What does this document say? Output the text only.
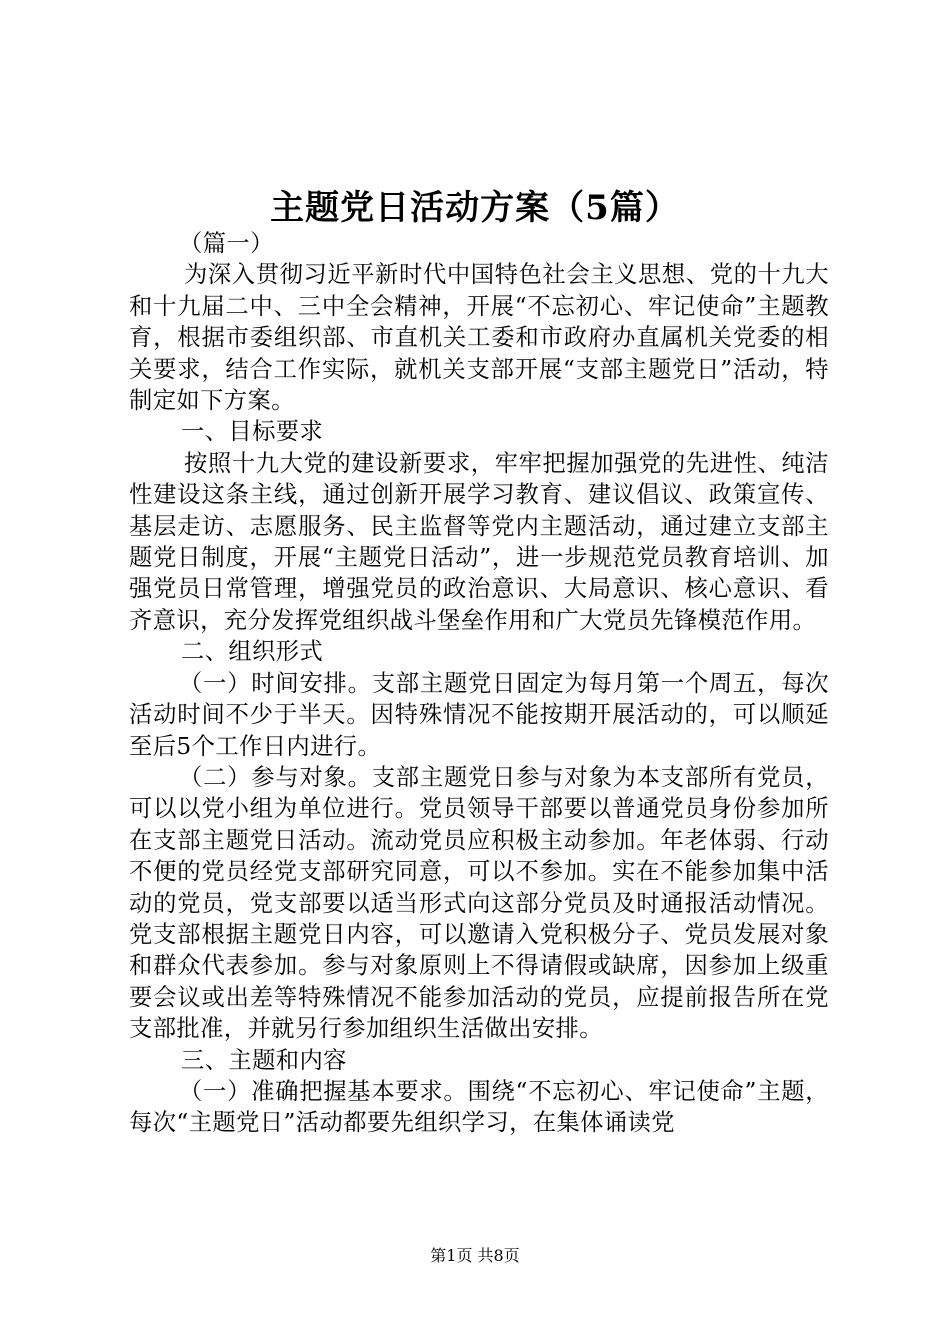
主题党日活动方案（5篇）

（篇一）

为深入贯彻习近平新时代中国特色社会主义思想、党的十九大和十九届二中、三中全会精神，开展“不忘初心、牢记使命”主题教育，根据市委组织部、市直机关工委和市政府办直属机关党委的相关要求，结合工作实际，就机关支部开展“支部主题党日”活动，特制定如下方案。

一、目标要求

按照十九大党的建设新要求，牢牢把握加强党的先进性、纯洁性建设这条主线，通过创新开展学习教育、建议倡议、政策宣传、基层走访、志愿服务、民主监督等党内主题活动，通过建立支部主题党日制度，开展“主题党日活动”，进一步规范党员教育培训、加强党员日常管理，增强党员的政治意识、大局意识、核心意识、看齐意识，充分发挥党组织战斗堡垒作用和广大党员先锋模范作用。

二、组织形式

（一）时间安排。支部主题党日固定为每月第一个周五，每次活动时间不少于半天。因特殊情况不能按期开展活动的，可以顺延至后5个工作日内进行。

（二）参与对象。支部主题党日参与对象为本支部所有党员，可以以党小组为单位进行。党员领导干部要以普通党员身份参加所在支部主题党日活动。流动党员应积极主动参加。年老体弱、行动不便的党员经党支部研究同意，可以不参加。实在不能参加集中活动的党员，党支部要以适当形式向这部分党员及时通报活动情况。党支部根据主题党日内容，可以邀请入党积极分子、党员发展对象和群众代表参加。参与对象原则上不得请假或缺席，因参加上级重要会议或出差等特殊情况不能参加活动的党员，应提前报告所在党支部批准，并就另行参加组织生活做出安排。

三、主题和内容

（一）准确把握基本要求。围绕“不忘初心、牢记使命”主题，每次“主题党日”活动都要先组织学习，在集体诵读党

第1页 共8页
